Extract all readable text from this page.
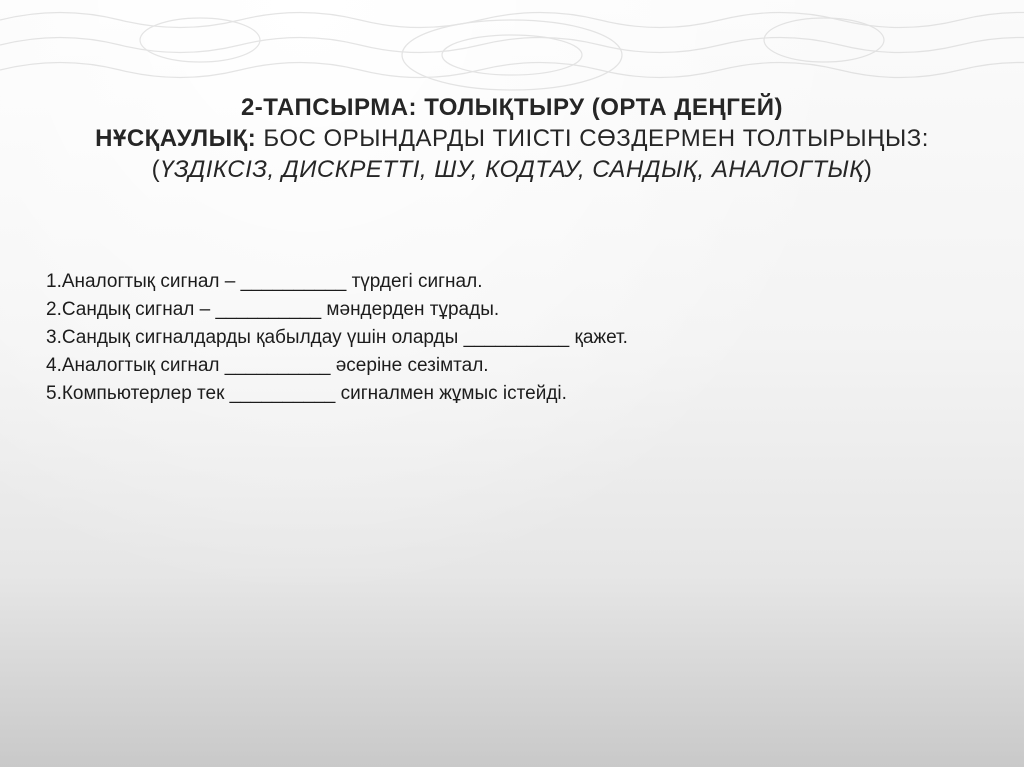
2-ТАПСЫРМА: ТОЛЫҚТЫРУ (ОРТА ДЕҢГЕЙ)
НҰСҚАУЛЫҚ: БОС ОРЫНДАРДЫ ТИІСТІ СӨЗДЕРМЕН ТОЛТЫРЫҢЫЗ:
(ҮЗДІКСІЗ, ДИСКРЕТТІ, ШУ, КОДТАУ, САНДЫҚ, АНАЛОГТЫҚ)
1.Аналогтық сигнал – __________ түрдегі сигнал.
2.Сандық сигнал – __________ мәндерден тұрады.
3.Сандық сигналдарды қабылдау үшін оларды __________ қажет.
4.Аналогтық сигнал __________ әсеріне сезімтал.
5.Компьютерлер тек __________ сигналмен жұмыс істейді.
